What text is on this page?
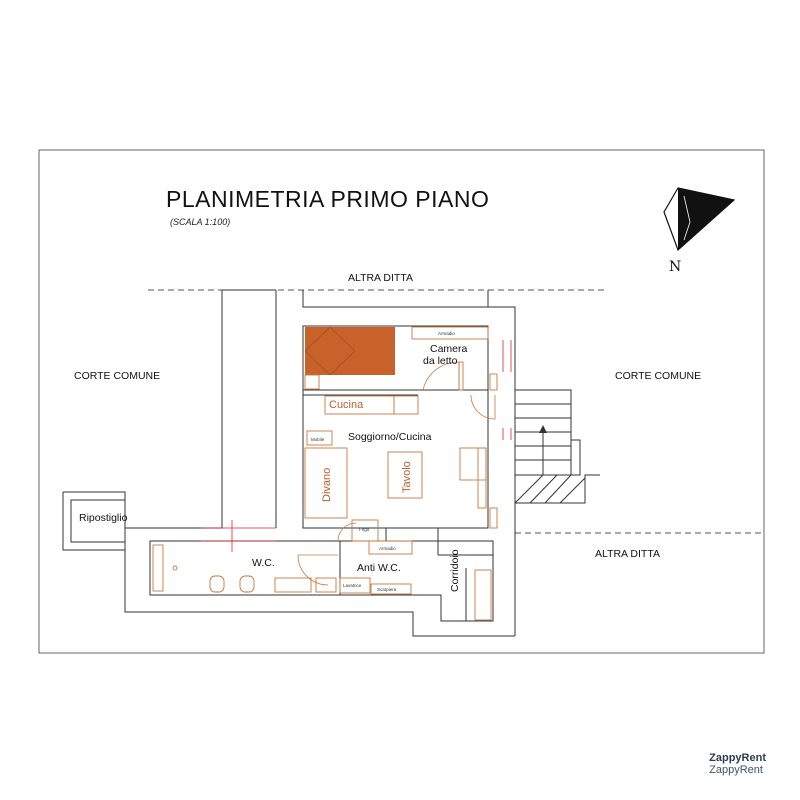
PLANIMETRIA PRIMO PIANO
(SCALA 1:100)
N
ALTRA DITTA
ALTRA DITTA
CORTE COMUNE	CORTE COMUNE
Armadio
Mobile
Frigo
Armadio
Lavatrice
Scarpiera
Camera
da letto
Soggiorno/Cucina
W.C.	Anti W.C.
Ripostiglio
Corridoio
Cucina
Divano	Tavolo
ZappyRent
ZappyRent
